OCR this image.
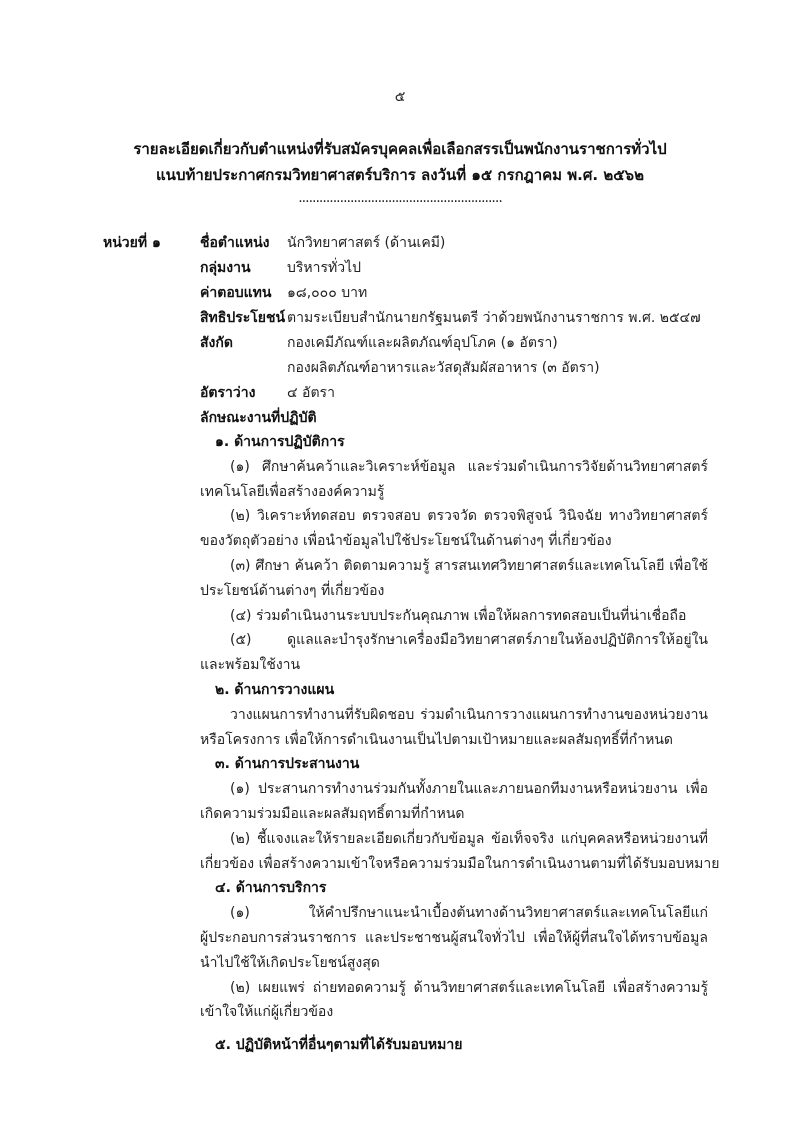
๕
รายละเอียดเกี่ยวกับตำแหน่งที่รับสมัครบุคคลเพื่อเลือกสรรเป็นพนักงานราชการทั่วไป
แนบท้ายประกาศกรมวิทยาศาสตร์บริการ ลงวันที่ ๑๕ กรกฎาคม พ.ศ. ๒๕๖๒
...........................................................
หน่วยที่ ๑	ชื่อตำแหน่ง นักวิทยาศาสตร์ (ด้านเคมี)
กลุ่มงาน	บริหารทั่วไป
ค่าตอบแทน ๑๘,๐๐๐ บาท
สิทธิประโยชน์ ตามระเบียบสำนักนายกรัฐมนตรี ว่าด้วยพนักงานราชการ พ.ศ. ๒๕๔๗
สังกัด	กองเคมีภัณฑ์และผลิตภัณฑ์อุปโภค (๑ อัตรา)
กองผลิตภัณฑ์อาหารและวัสดุสัมผัสอาหาร (๓ อัตรา)
อัตราว่าง ๔ อัตรา
ลักษณะงานที่ปฏิบัติ
๑. ด้านการปฏิบัติการ
(๑) ศึกษาค้นคว้าและวิเคราะห์ข้อมูล และร่วมดำเนินการวิจัยด้านวิทยาศาสตร์
เทคโนโลยีเพื่อสร้างองค์ความรู้
(๒) วิเคราะห์ทดสอบ ตรวจสอบ ตรวจวัด ตรวจพิสูจน์ วินิจฉัย ทางวิทยาศาสตร์
ของวัตถุตัวอย่าง เพื่อนำข้อมูลไปใช้ประโยชน์ในด้านต่างๆ ที่เกี่ยวข้อง
(๓) ศึกษา ค้นคว้า ติดตามความรู้ สารสนเทศวิทยาศาสตร์และเทคโนโลยี เพื่อใช้
ประโยชน์ด้านต่างๆ ที่เกี่ยวข้อง
(๔) ร่วมดำเนินงานระบบประกันคุณภาพ เพื่อให้ผลการทดสอบเป็นที่น่าเชื่อถือ
(๕) ดูแลและบำรุงรักษาเครื่องมือวิทยาศาสตร์ภายในห้องปฏิบัติการให้อยู่ใน
และพร้อมใช้งาน
๒. ด้านการวางแผน
วางแผนการทำงานที่รับผิดชอบ ร่วมดำเนินการวางแผนการทำงานของหน่วยงาน
หรือโครงการ เพื่อให้การดำเนินงานเป็นไปตามเป้าหมายและผลสัมฤทธิ์ที่กำหนด
๓. ด้านการประสานงาน
(๑) ประสานการทำงานร่วมกันทั้งภายในและภายนอกทีมงานหรือหน่วยงาน เพื่อ
เกิดความร่วมมือและผลสัมฤทธิ์ตามที่กำหนด
(๒) ชี้แจงและให้รายละเอียดเกี่ยวกับข้อมูล ข้อเท็จจริง แก่บุคคลหรือหน่วยงานที่
เกี่ยวข้อง เพื่อสร้างความเข้าใจหรือความร่วมมือในการดำเนินงานตามที่ได้รับมอบหมาย
๔. ด้านการบริการ
(๑) ให้คำปรึกษาแนะนำเบื้องต้นทางด้านวิทยาศาสตร์และเทคโนโลยีแก่
ผู้ประกอบการส่วนราชการ และประชาชนผู้สนใจทั่วไป เพื่อให้ผู้ที่สนใจได้ทราบข้อมูล
นำไปใช้ให้เกิดประโยชน์สูงสุด
(๒) เผยแพร่ ถ่ายทอดความรู้ ด้านวิทยาศาสตร์และเทคโนโลยี เพื่อสร้างความรู้
เข้าใจให้แก่ผู้เกี่ยวข้อง
๕. ปฏิบัติหน้าที่อื่นๆตามที่ได้รับมอบหมาย
